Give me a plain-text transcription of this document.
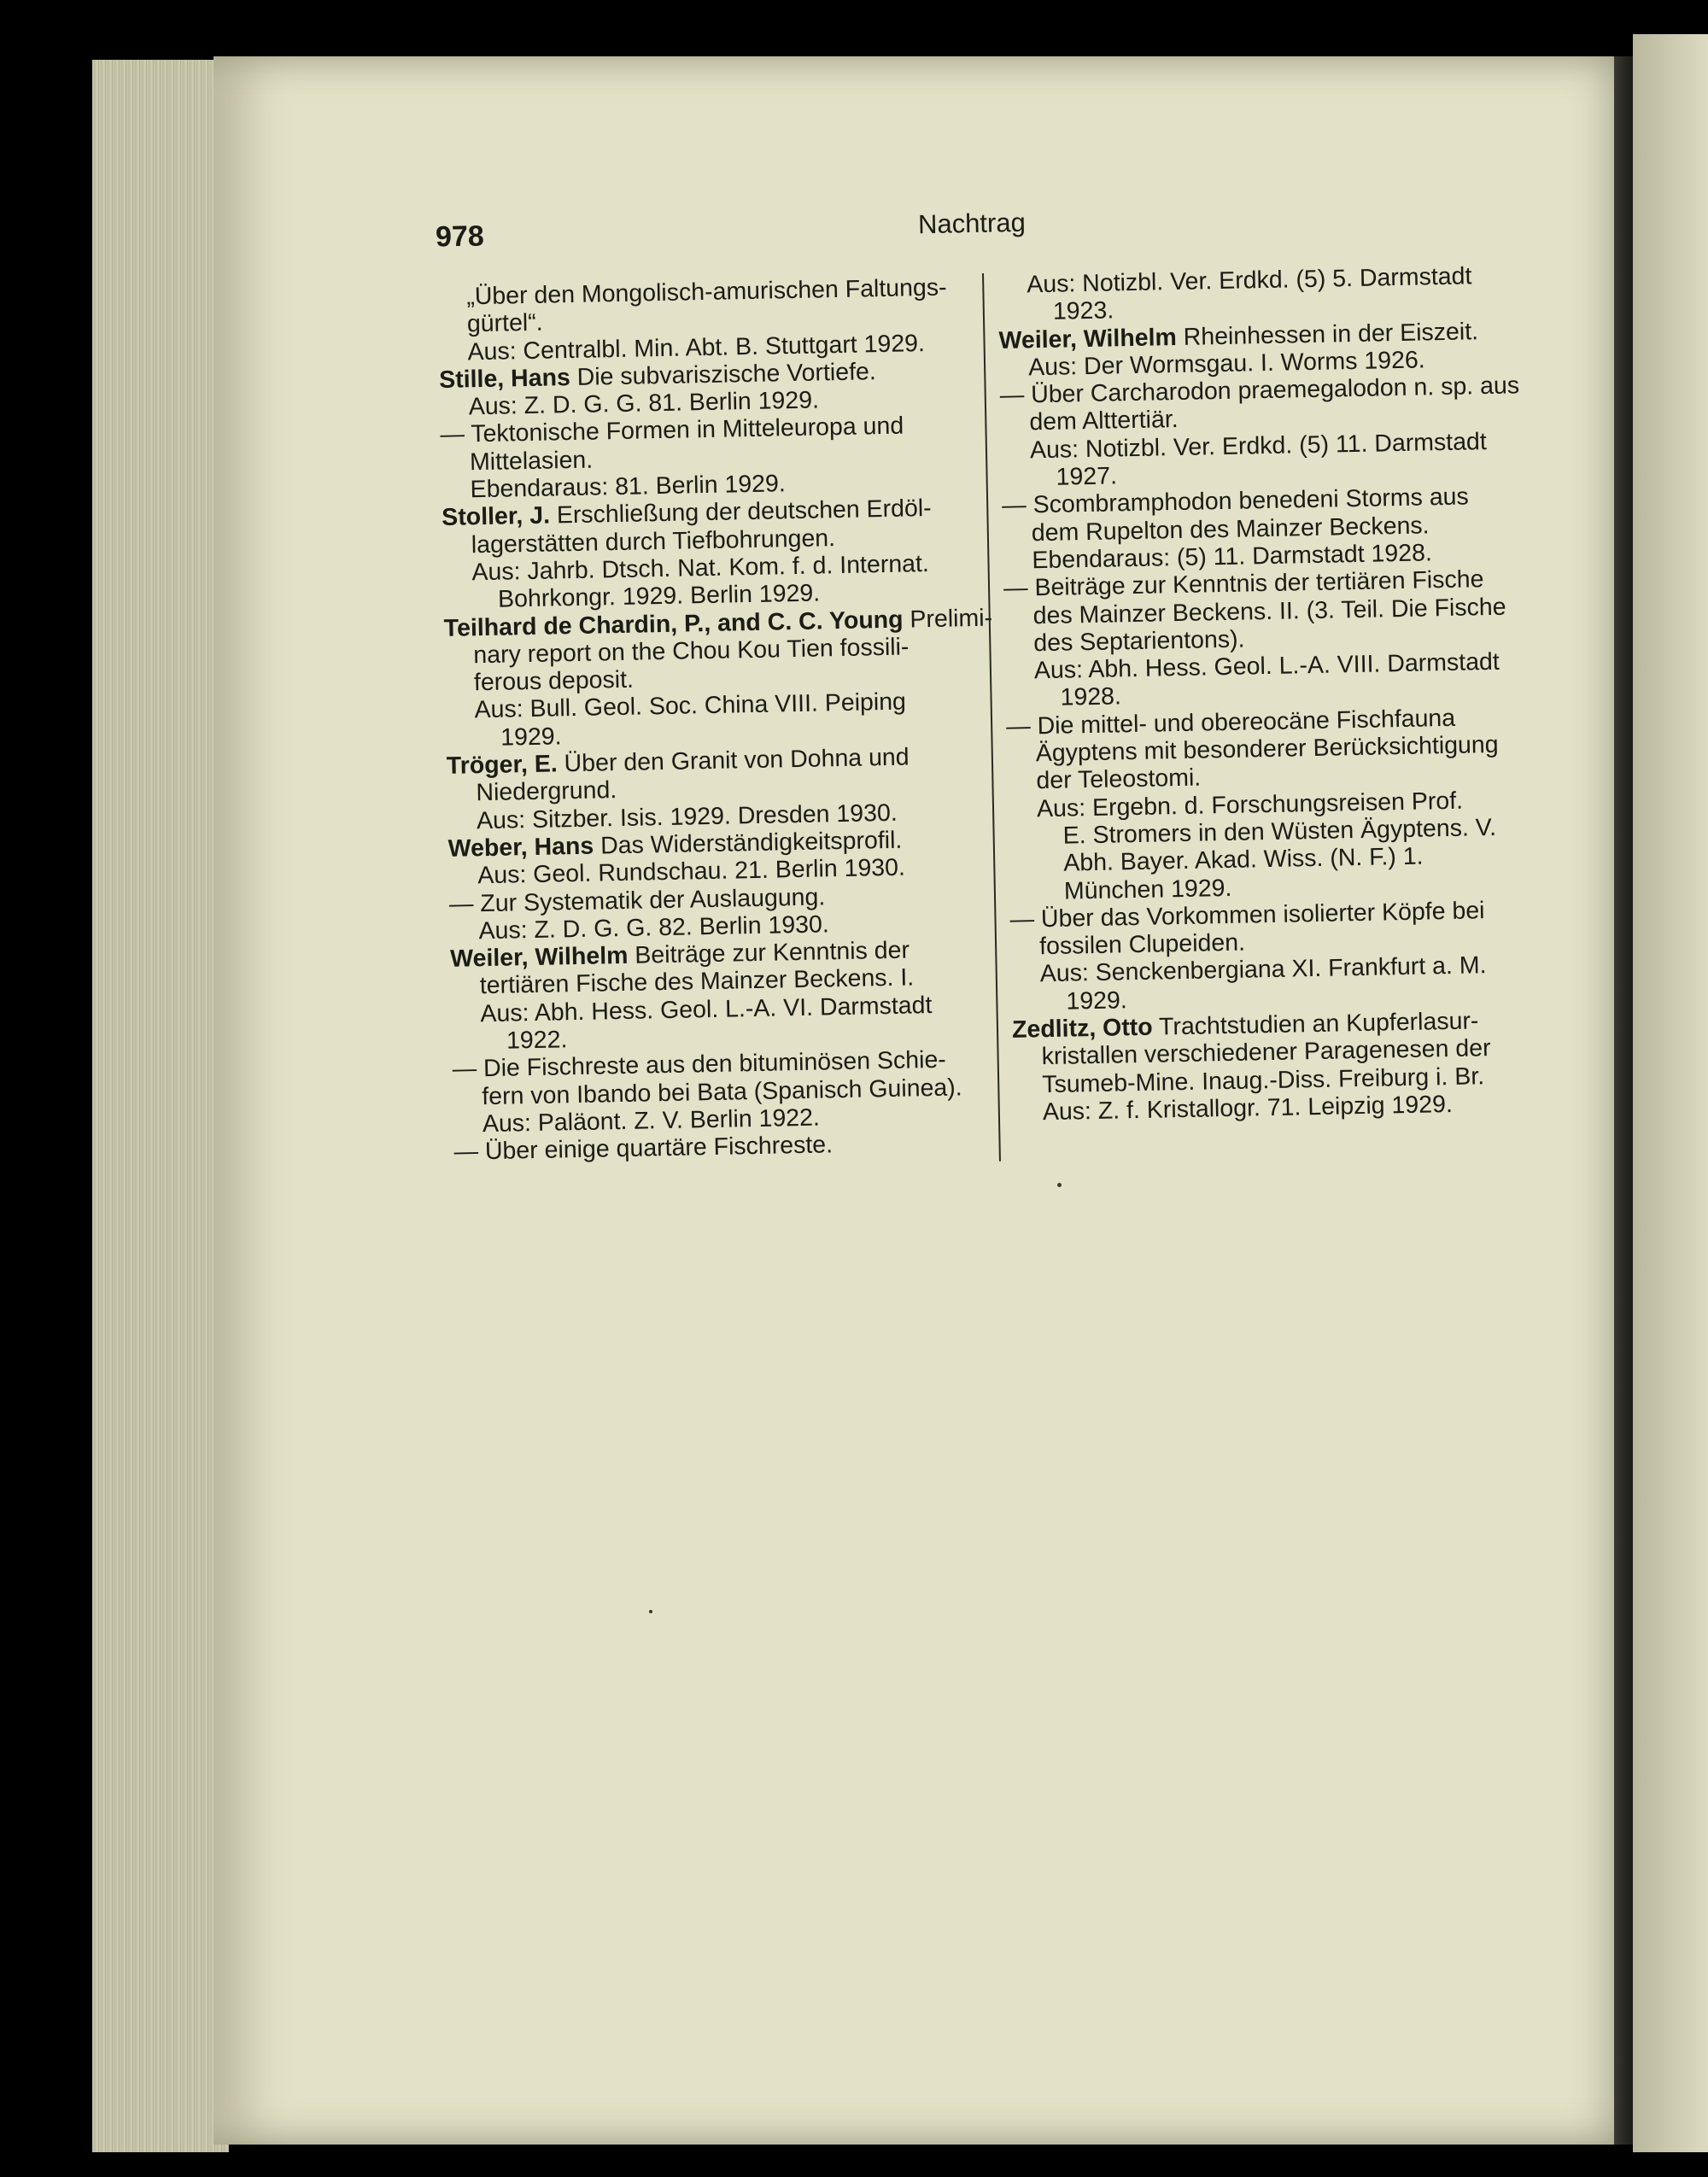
978	Nachtrag
„Über den Mongolisch-amurischen Faltungs-
gürtel“.
Aus: Centralbl. Min. Abt. B. Stuttgart 1929.
Stille, Hans Die subvariszische Vortiefe.
Aus: Z. D. G. G. 81. Berlin 1929.
— Tektonische Formen in Mitteleuropa und
Mittelasien.
Ebendaraus: 81. Berlin 1929.
Stoller, J. Erschließung der deutschen Erdöl-
lagerstätten durch Tiefbohrungen.
Aus: Jahrb. Dtsch. Nat. Kom. f. d. Internat.
Bohrkongr. 1929. Berlin 1929.
Teilhard de Chardin, P., and C. C. Young Prelimi-
nary report on the Chou Kou Tien fossili-
ferous deposit.
Aus: Bull. Geol. Soc. China VIII. Peiping
1929.
Tröger, E. Über den Granit von Dohna und
Niedergrund.
Aus: Sitzber. Isis. 1929. Dresden 1930.
Weber, Hans Das Widerständigkeitsprofil.
Aus: Geol. Rundschau. 21. Berlin 1930.
— Zur Systematik der Auslaugung.
Aus: Z. D. G. G. 82. Berlin 1930.
Weiler, Wilhelm Beiträge zur Kenntnis der
tertiären Fische des Mainzer Beckens. I.
Aus: Abh. Hess. Geol. L.-A. VI. Darmstadt
1922.
— Die Fischreste aus den bituminösen Schie-
fern von Ibando bei Bata (Spanisch Guinea).
Aus: Paläont. Z. V. Berlin 1922.
— Über einige quartäre Fischreste.
Aus: Notizbl. Ver. Erdkd. (5) 5. Darmstadt
1923.
Weiler, Wilhelm Rheinhessen in der Eiszeit.
Aus: Der Wormsgau. I. Worms 1926.
— Über Carcharodon praemegalodon n. sp. aus
dem Alttertiär.
Aus: Notizbl. Ver. Erdkd. (5) 11. Darmstadt
1927.
— Scombramphodon benedeni Storms aus
dem Rupelton des Mainzer Beckens.
Ebendaraus: (5) 11. Darmstadt 1928.
— Beiträge zur Kenntnis der tertiären Fische
des Mainzer Beckens. II. (3. Teil. Die Fische
des Septarientons).
Aus: Abh. Hess. Geol. L.-A. VIII. Darmstadt
1928.
— Die mittel- und obereocäne Fischfauna
Ägyptens mit besonderer Berücksichtigung
der Teleostomi.
Aus: Ergebn. d. Forschungsreisen Prof.
E. Stromers in den Wüsten Ägyptens. V.
Abh. Bayer. Akad. Wiss. (N. F.) 1.
München 1929.
— Über das Vorkommen isolierter Köpfe bei
fossilen Clupeiden.
Aus: Senckenbergiana XI. Frankfurt a. M.
1929.
Zedlitz, Otto Trachtstudien an Kupferlasur-
kristallen verschiedener Paragenesen der
Tsumeb-Mine. Inaug.-Diss. Freiburg i. Br.
Aus: Z. f. Kristallogr. 71. Leipzig 1929.
